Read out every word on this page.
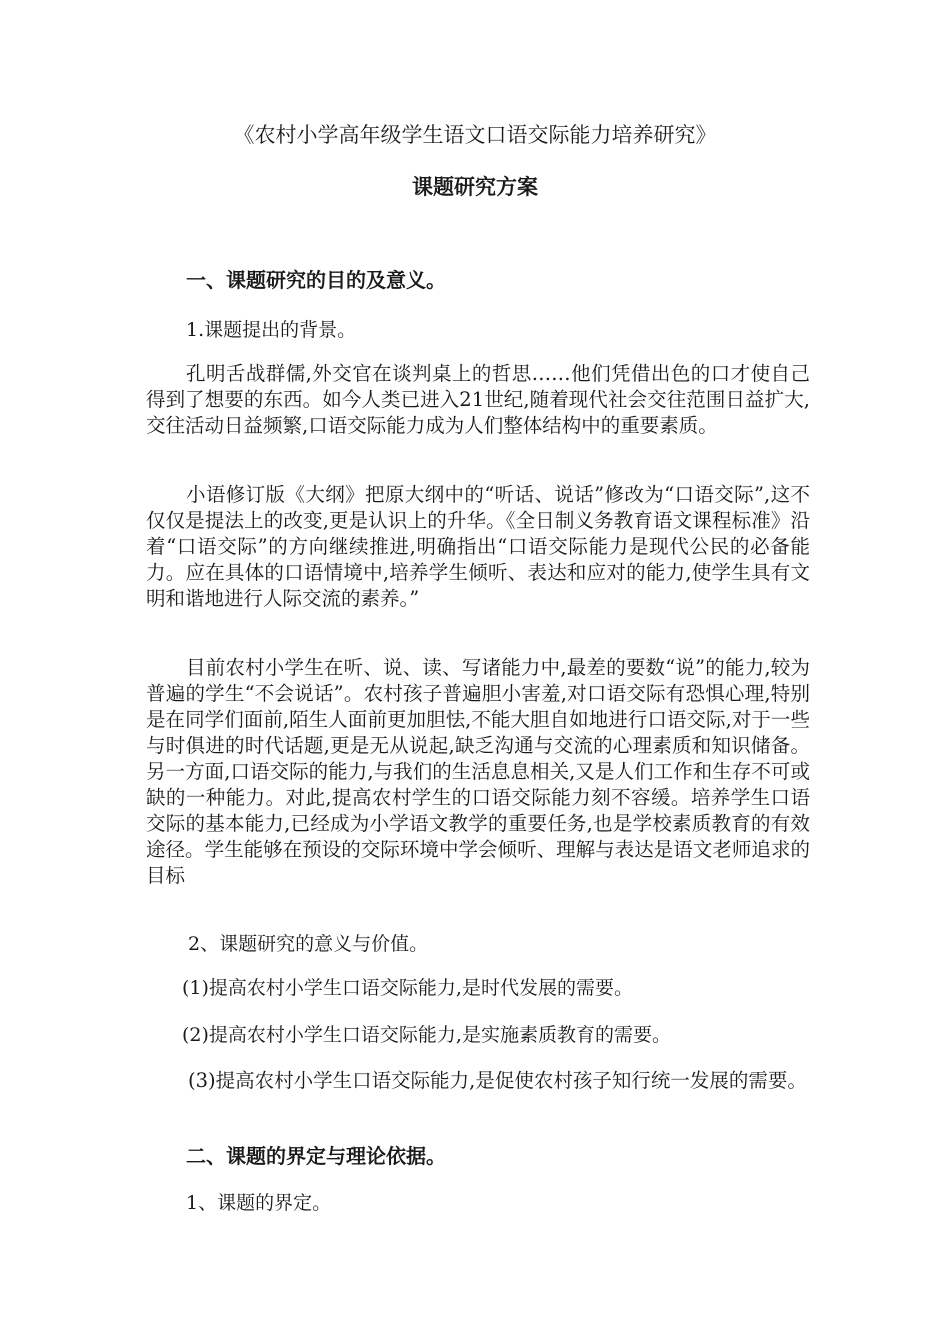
《农村小学高年级学生语文口语交际能力培养研究》
课题研究方案
一、课题研究的目的及意义。
1.课题提出的背景。

孔明舌战群儒,外交官在谈判桌上的哲思……他们凭借出色的口才使自己得到了想要的东西。如今人类已进入21世纪,随着现代社会交往范围日益扩大,交往活动日益频繁,口语交际能力成为人们整体结构中的重要素质。

小语修订版《大纲》把原大纲中的“听话、说话”修改为“口语交际”,这不仅仅是提法上的改变,更是认识上的升华。《全日制义务教育语文课程标准》沿着“口语交际”的方向继续推进,明确指出“口语交际能力是现代公民的必备能力。应在具体的口语情境中,培养学生倾听、表达和应对的能力,使学生具有文明和谐地进行人际交流的素养。”

目前农村小学生在听、说、读、写诸能力中,最差的要数“说”的能力,较为普遍的学生“不会说话”。农村孩子普遍胆小害羞,对口语交际有恐惧心理,特别是在同学们面前,陌生人面前更加胆怯,不能大胆自如地进行口语交际,对于一些与时俱进的时代话题,更是无从说起,缺乏沟通与交流的心理素质和知识储备。另一方面,口语交际的能力,与我们的生活息息相关,又是人们工作和生存不可或缺的一种能力。对此,提高农村学生的口语交际能力刻不容缓。培养学生口语交际的基本能力,已经成为小学语文教学的重要任务,也是学校素质教育的有效途径。学生能够在预设的交际环境中学会倾听、理解与表达是语文老师追求的目标

2、课题研究的意义与价值。
(1)提高农村小学生口语交际能力,是时代发展的需要。
(2)提高农村小学生口语交际能力,是实施素质教育的需要。

(3)提高农村小学生口语交际能力,是促使农村孩子知行统一发展的需要。

二、课题的界定与理论依据。
1、课题的界定。
